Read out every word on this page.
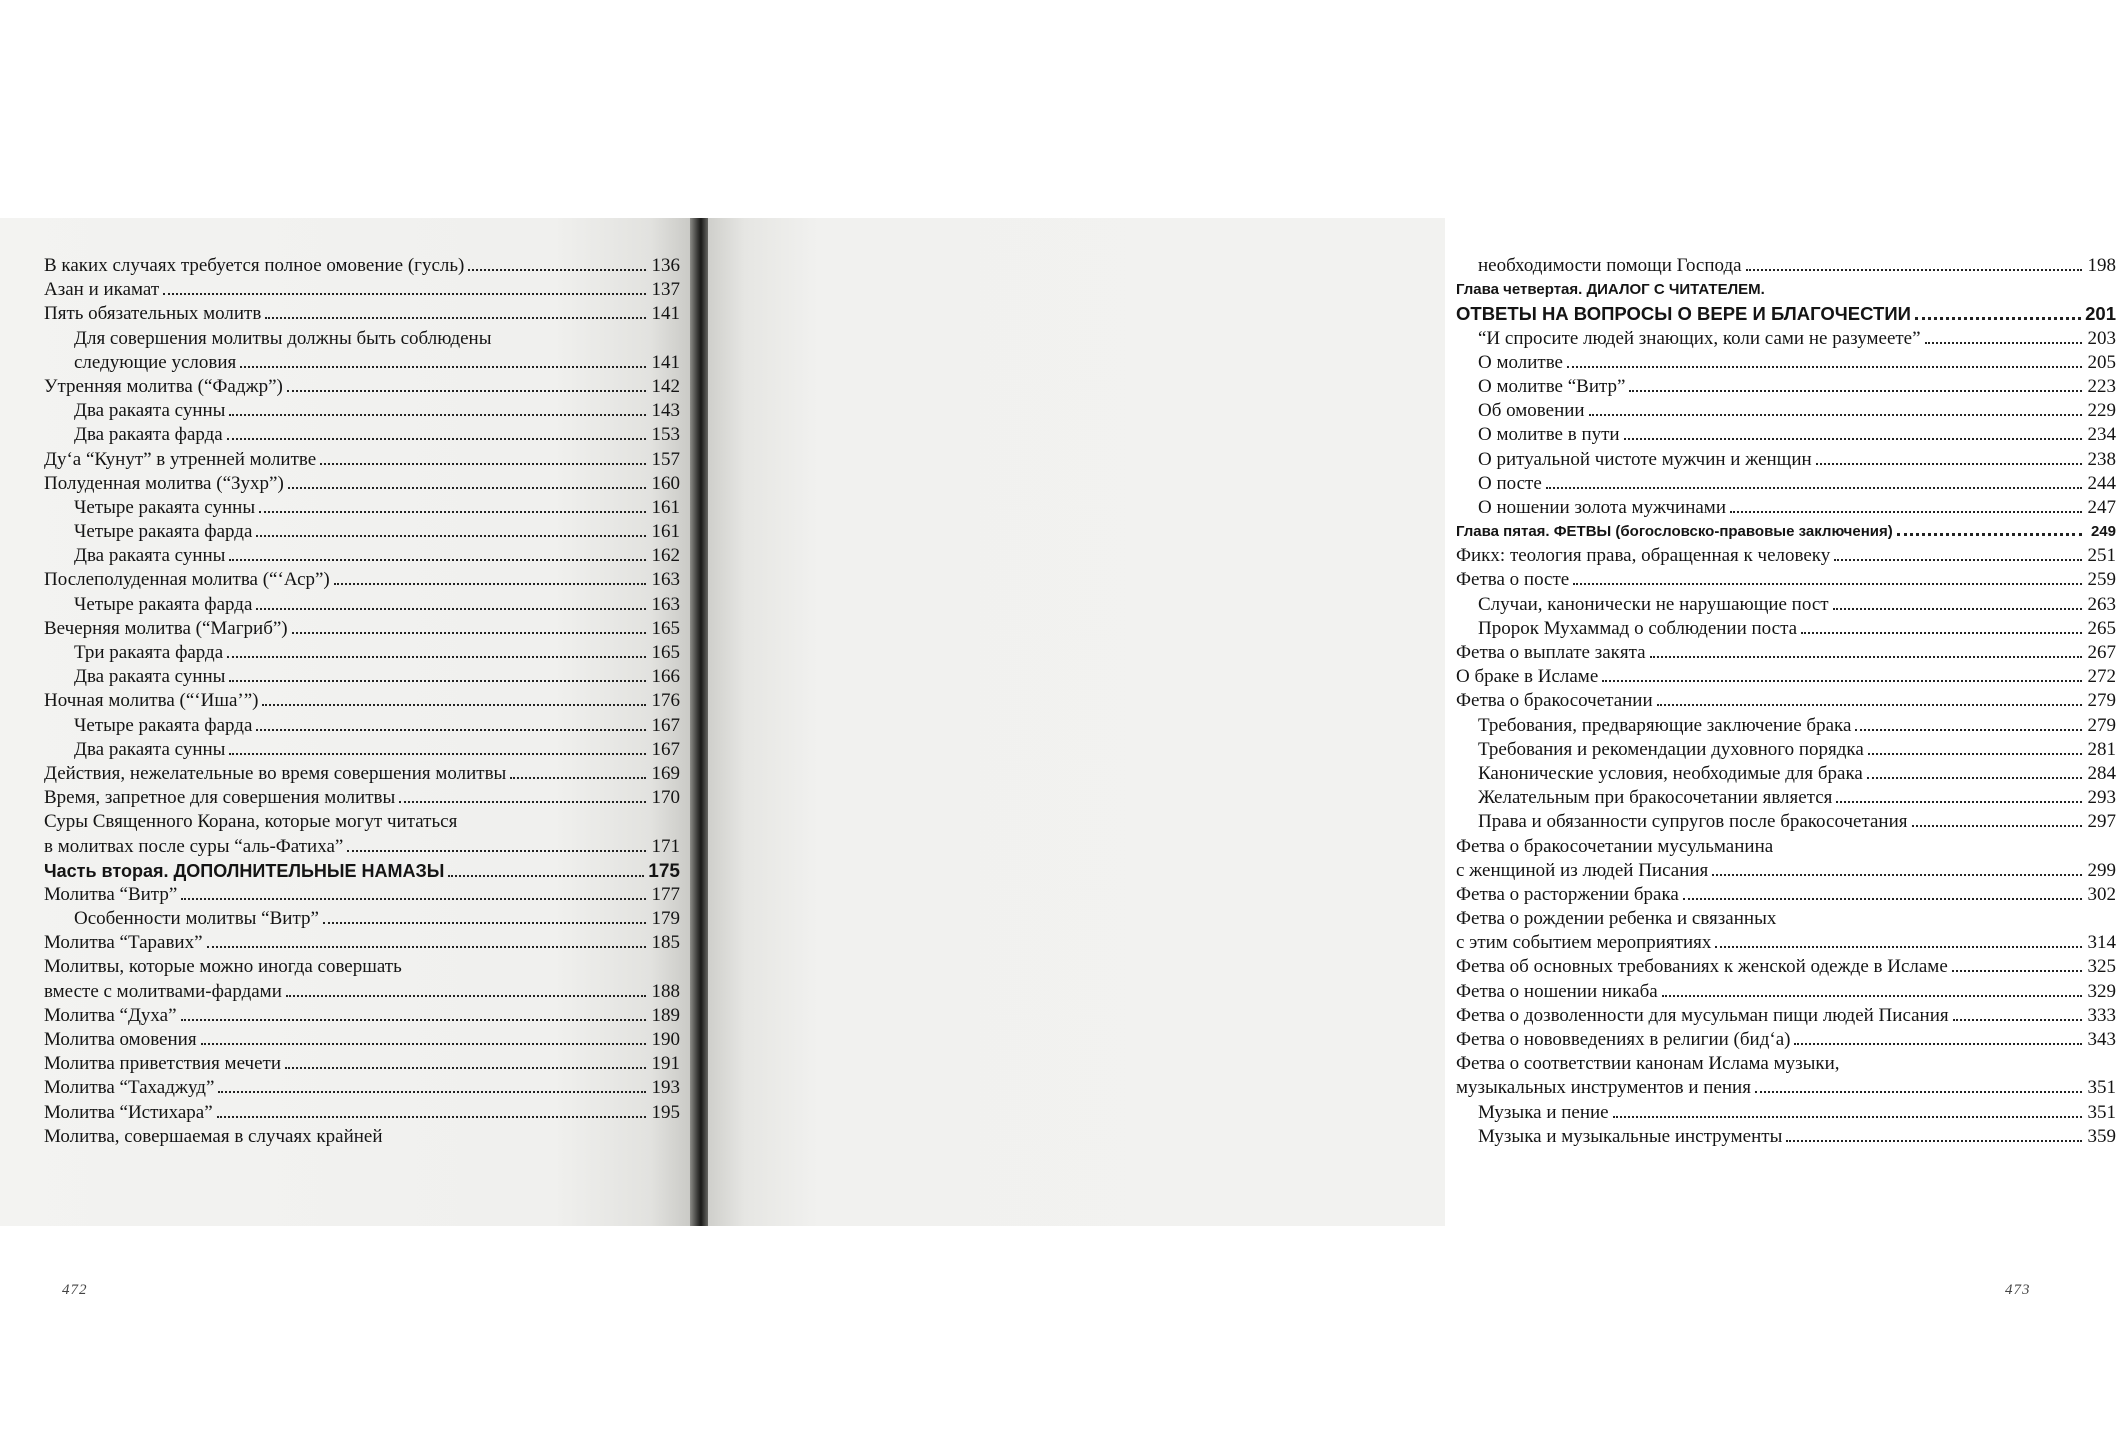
В каких случаях требуется полное омовение (гусль)	136
Азан и икамат	137
Пять обязательных молитв	141
Для совершения молитвы должны быть соблюдены
следующие условия	141
Утренняя молитва (“Фаджр”)	142
Два ракаята сунны	143
Два ракаята фарда	153
Ду‘а “Кунут” в утренней молитве	157
Полуденная молитва (“Зухр”)	160
Четыре ракаята сунны	161
Четыре ракаята фарда	161
Два ракаята сунны	162
Послеполуденная молитва (“‘Аср”)	163
Четыре ракаята фарда	163
Вечерняя молитва (“Магриб”)	165
Три ракаята фарда	165
Два ракаята сунны	166
Ночная молитва (“‘Иша’”)	176
Четыре ракаята фарда	167
Два ракаята сунны	167
Действия, нежелательные во время совершения молитвы	169
Время, запретное для совершения молитвы	170
Суры Священного Корана, которые могут читаться
в молитвах после суры “аль-Фатиха”	171
Часть вторая. ДОПОЛНИТЕЛЬНЫЕ НАМАЗЫ	175
Молитва “Витр”	177
Особенности молитвы “Витр”	179
Молитва “Таравих”	185
Молитвы, которые можно иногда совершать
вместе с молитвами-фардами	188
Молитва “Духа”	189
Молитва омовения	190
Молитва приветствия мечети	191
Молитва “Тахаджуд”	193
Молитва “Истихара”	195
Молитва, совершаемая в случаях крайней
472
необходимости помощи Господа	198
Глава четвертая. ДИАЛОГ С ЧИТАТЕЛЕМ.
ОТВЕТЫ НА ВОПРОСЫ О ВЕРЕ И БЛАГОЧЕСТИИ	201
“И спросите людей знающих, коли сами не разумеете”	203
О молитве	205
О молитве “Витр”	223
Об омовении	229
О молитве в пути	234
О ритуальной чистоте мужчин и женщин	238
О посте	244
О ношении золота мужчинами	247
Глава пятая. ФЕТВЫ (богословско-правовые заключения)	249
Фикх: теология права, обращенная к человеку	251
Фетва о посте	259
Случаи, канонически не нарушающие пост	263
Пророк Мухаммад о соблюдении поста	265
Фетва о выплате закята	267
О браке в Исламе	272
Фетва о бракосочетании	279
Требования, предваряющие заключение брака	279
Требования и рекомендации духовного порядка	281
Канонические условия, необходимые для брака	284
Желательным при бракосочетании является	293
Права и обязанности супругов после бракосочетания	297
Фетва о бракосочетании мусульманина
с женщиной из людей Писания	299
Фетва о расторжении брака	302
Фетва о рождении ребенка и связанных
с этим событием мероприятиях	314
Фетва об основных требованиях к женской одежде в Исламе	325
Фетва о ношении никаба	329
Фетва о дозволенности для мусульман пищи людей Писания	333
Фетва о нововведениях в религии (бид‘а)	343
Фетва о соответствии канонам Ислама музыки,
музыкальных инструментов и пения	351
Музыка и пение	351
Музыка и музыкальные инструменты	359
473
